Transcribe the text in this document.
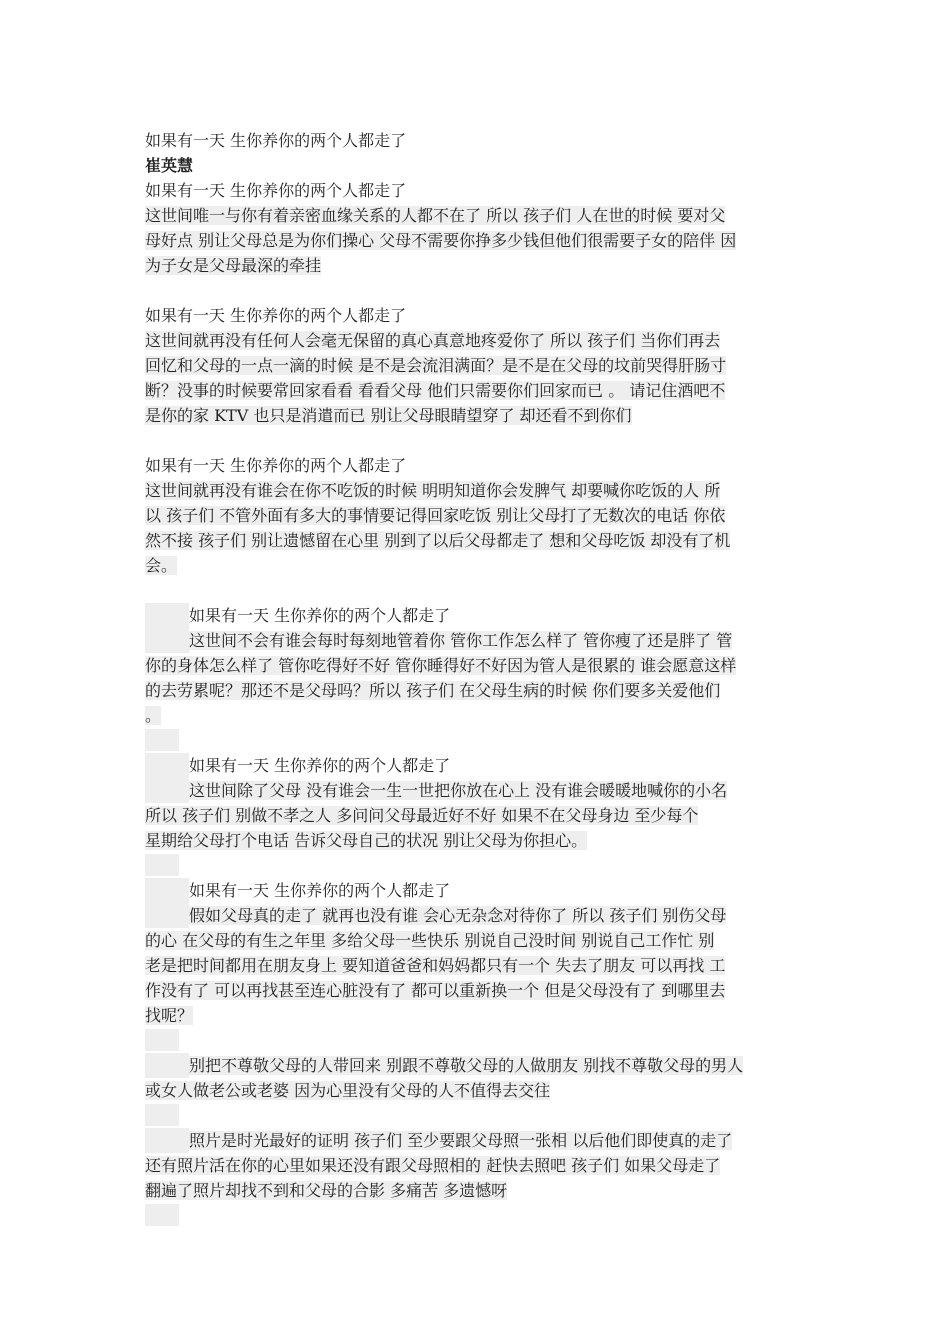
如果有一天 生你养你的两个人都走了
崔英慧
如果有一天 生你养你的两个人都走了
这世间唯一与你有着亲密血缘关系的人都不在了 所以 孩子们 人在世的时候 要对父
母好点 别让父母总是为你们操心 父母不需要你挣多少钱但他们很需要子女的陪伴 因
为子女是父母最深的牵挂
如果有一天 生你养你的两个人都走了
这世间就再没有任何人会毫无保留的真心真意地疼爱你了 所以 孩子们 当你们再去
回忆和父母的一点一滴的时候 是不是会流泪满面？是不是在父母的坟前哭得肝肠寸
断？没事的时候要常回家看看 看看父母 他们只需要你们回家而已 。 请记住酒吧不
是你的家 KTV 也只是消遣而已 别让父母眼睛望穿了 却还看不到你们
如果有一天 生你养你的两个人都走了
这世间就再没有谁会在你不吃饭的时候 明明知道你会发脾气 却要喊你吃饭的人 所
以 孩子们 不管外面有多大的事情要记得回家吃饭 别让父母打了无数次的电话 你依
然不接 孩子们 别让遗憾留在心里 别到了以后父母都走了 想和父母吃饭 却没有了机
会。
如果有一天 生你养你的两个人都走了
这世间不会有谁会每时每刻地管着你 管你工作怎么样了 管你瘦了还是胖了 管
你的身体怎么样了 管你吃得好不好 管你睡得好不好因为管人是很累的 谁会愿意这样
的去劳累呢？那还不是父母吗？所以 孩子们 在父母生病的时候 你们要多关爱他们
。
如果有一天 生你养你的两个人都走了
这世间除了父母 没有谁会一生一世把你放在心上 没有谁会暖暖地喊你的小名
所以 孩子们 别做不孝之人 多问问父母最近好不好 如果不在父母身边 至少每个
星期给父母打个电话 告诉父母自己的状况 别让父母为你担心。
如果有一天 生你养你的两个人都走了
假如父母真的走了 就再也没有谁 会心无杂念对待你了 所以 孩子们 别伤父母
的心 在父母的有生之年里 多给父母一些快乐 别说自己没时间 别说自己工作忙 别
老是把时间都用在朋友身上 要知道爸爸和妈妈都只有一个 失去了朋友 可以再找 工
作没有了 可以再找甚至连心脏没有了 都可以重新换一个 但是父母没有了 到哪里去
找呢？
别把不尊敬父母的人带回来 别跟不尊敬父母的人做朋友 别找不尊敬父母的男人
或女人做老公或老婆 因为心里没有父母的人不值得去交往
照片是时光最好的证明 孩子们 至少要跟父母照一张相 以后他们即使真的走了
还有照片活在你的心里如果还没有跟父母照相的 赶快去照吧 孩子们 如果父母走了
翻遍了照片却找不到和父母的合影 多痛苦 多遗憾呀
